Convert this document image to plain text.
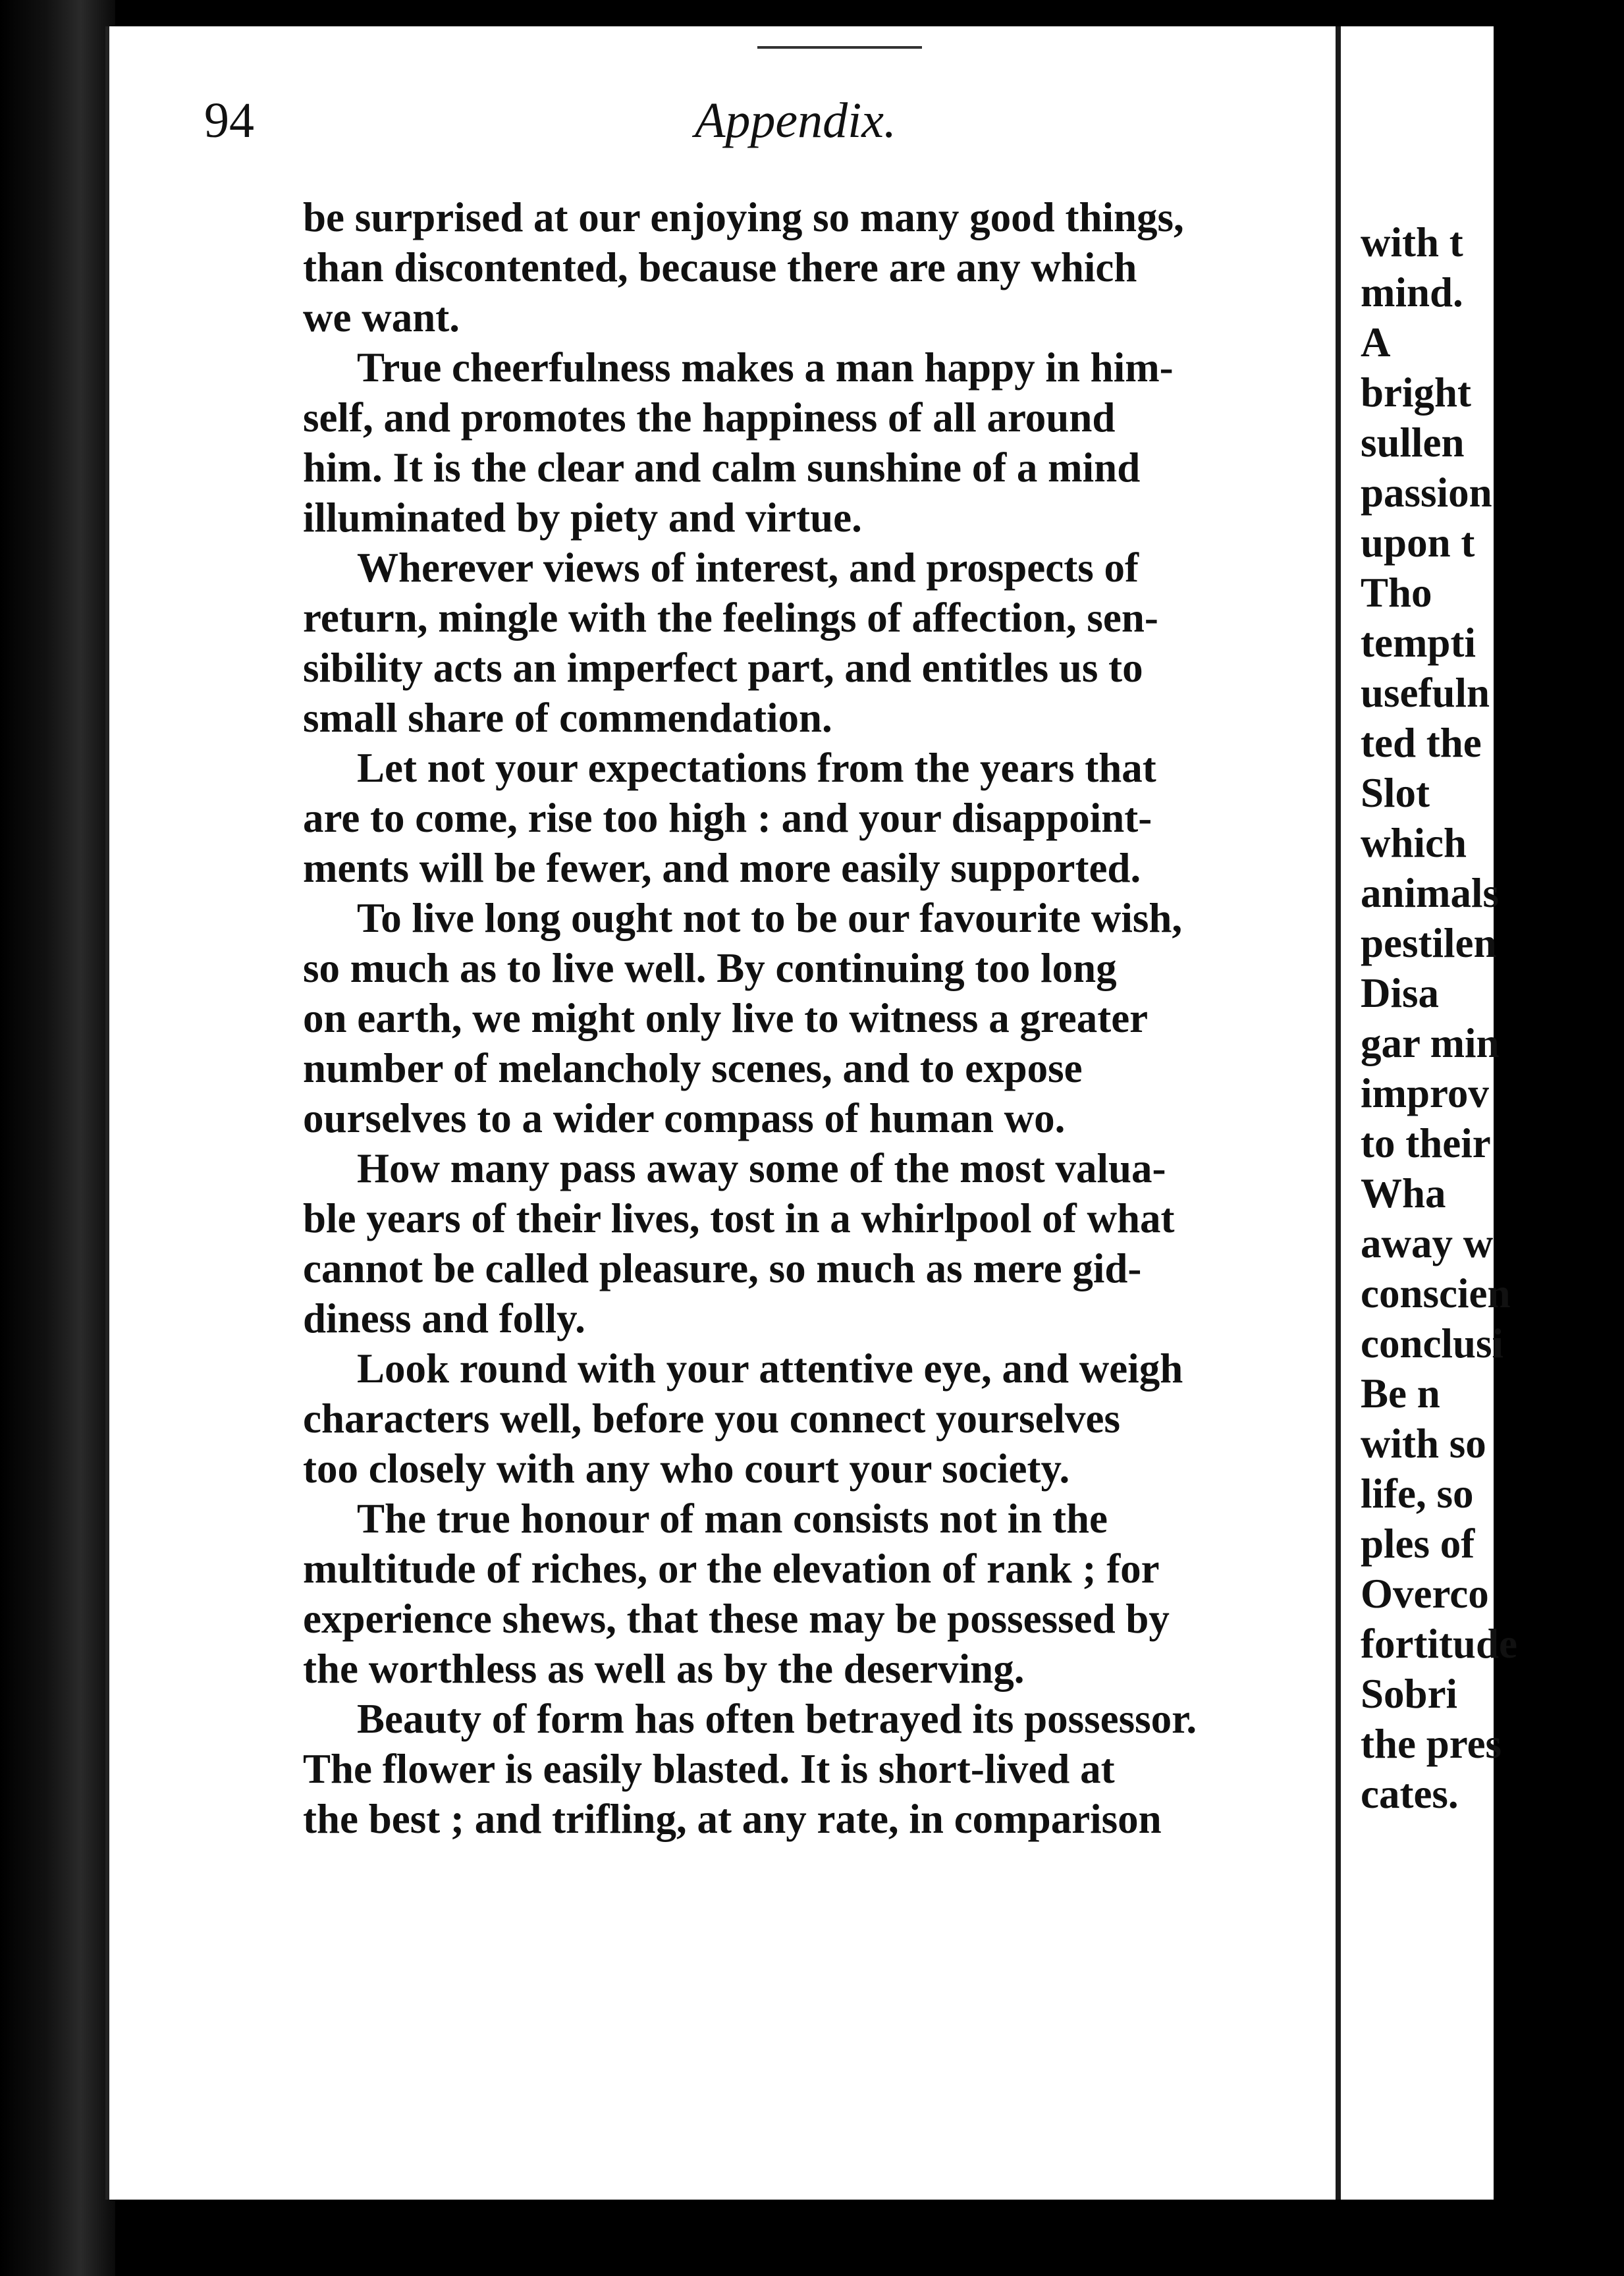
94	Appendix.

be surprised at our enjoying so many good things,

than discontented, because there are any which

we want.

True cheerfulness makes a man happy in him-

self, and promotes the happiness of all around

him. It is the clear and calm sunshine of a mind

illuminated by piety and virtue.

Wherever views of interest, and prospects of

return, mingle with the feelings of affection, sen-

sibility acts an imperfect part, and entitles us to

small share of commendation.

Let not your expectations from the years that

are to come, rise too high : and your disappoint-

ments will be fewer, and more easily supported.

To live long ought not to be our favourite wish,

so much as to live well. By continuing too long

on earth, we might only live to witness a greater

number of melancholy scenes, and to expose

ourselves to a wider compass of human wo.

How many pass away some of the most valua-

ble years of their lives, tost in a whirlpool of what

cannot be called pleasure, so much as mere gid-

diness and folly.

Look round with your attentive eye, and weigh

characters well, before you connect yourselves

too closely with any who court your society.

The true honour of man consists not in the

multitude of riches, or the elevation of rank ; for

experience shews, that these may be possessed by

the worthless as well as by the deserving.

Beauty of form has often betrayed its possessor.

The flower is easily blasted. It is short-lived at

the best ; and trifling, at any rate, in comparison

with t
mind.
A
bright
sullen
passion
upon t
Tho
tempti
usefuln
ted the
Slot
which
animals
pestilen
Disa
gar min
improv
to their
Wha
away w
conscien
conclusi
Be n
with so
life, so
ples of
Overco
fortitude
Sobri
the pres
cates.
